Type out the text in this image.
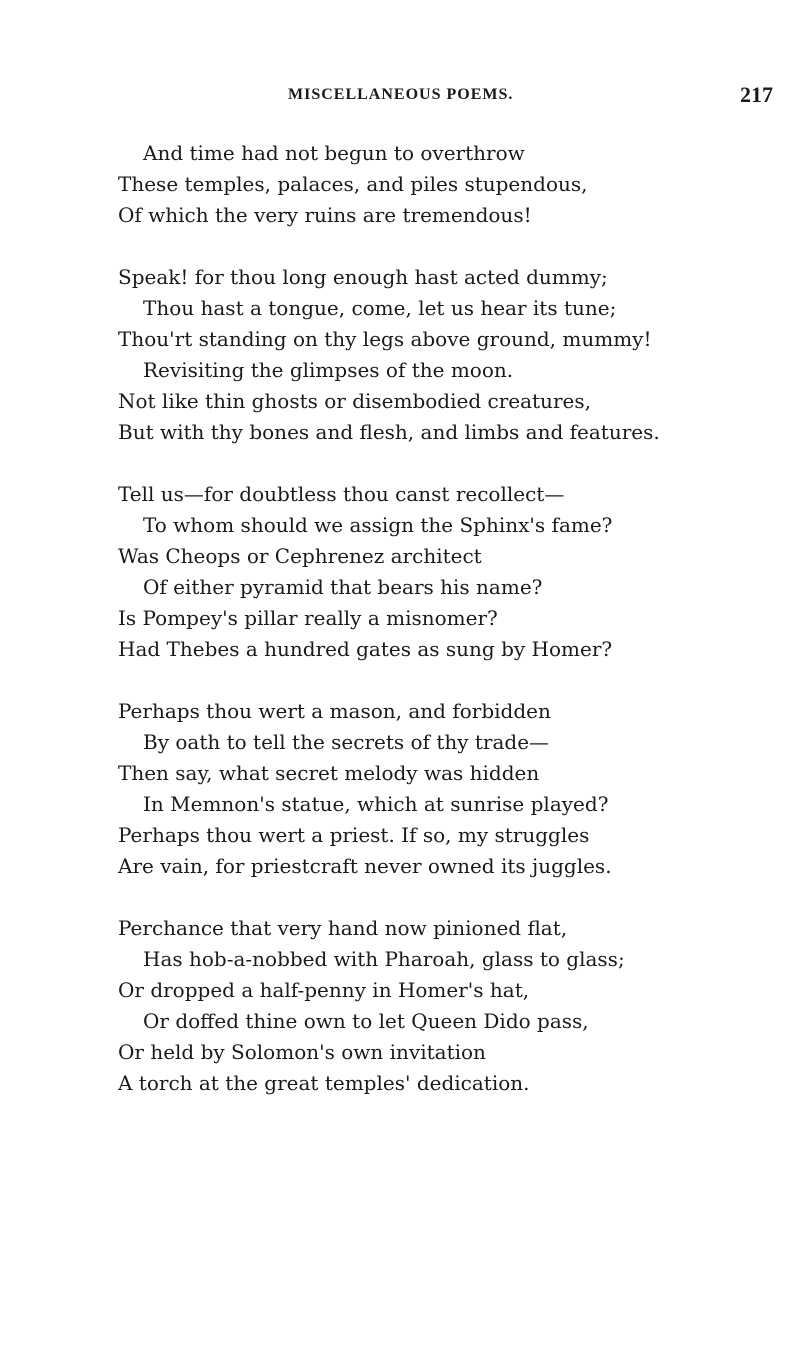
MISCELLANEOUS POEMS.	217
And time had not begun to overthrow
These temples, palaces, and piles stupendous,
Of which the very ruins are tremendous!
Speak! for thou long enough hast acted dummy;
Thou hast a tongue, come, let us hear its tune;
Thou'rt standing on thy legs above ground, mummy!
Revisiting the glimpses of the moon.
Not like thin ghosts or disembodied creatures,
But with thy bones and flesh, and limbs and features.
Tell us—for doubtless thou canst recollect—
To whom should we assign the Sphinx's fame?
Was Cheops or Cephrenez architect
Of either pyramid that bears his name?
Is Pompey's pillar really a misnomer?
Had Thebes a hundred gates as sung by Homer?
Perhaps thou wert a mason, and forbidden
By oath to tell the secrets of thy trade—
Then say, what secret melody was hidden
In Memnon's statue, which at sunrise played?
Perhaps thou wert a priest. If so, my struggles
Are vain, for priestcraft never owned its juggles.
Perchance that very hand now pinioned flat,
Has hob-a-nobbed with Pharoah, glass to glass;
Or dropped a half-penny in Homer's hat,
Or doffed thine own to let Queen Dido pass,
Or held by Solomon's own invitation
A torch at the great temples' dedication.
